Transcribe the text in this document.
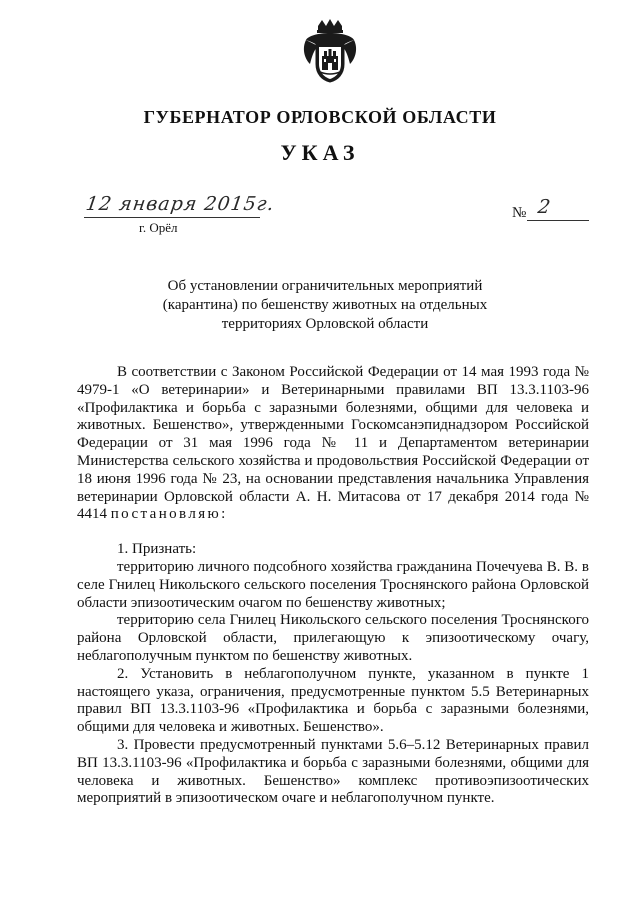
ГУБЕРНАТОР ОРЛОВСКОЙ ОБЛАСТИ
УКАЗ
12 января 2015г.
г. Орёл
№ 2
Об установлении ограничительных мероприятий
(карантина) по бешенству животных на отдельных
территориях Орловской области

В соответствии с Законом Российской Федерации от 14 мая 1993 года № 4979-1 «О ветеринарии» и Ветеринарными правилами ВП 13.3.1103-96 «Профилактика и борьба с заразными болезнями, общими для человека и животных. Бешенство», утвержденными Госкомсанэпиднадзором Российской Федерации от 31 мая 1996 года № 11 и Департаментом ветеринарии Министерства сельского хозяйства и продовольствия Российской Федерации от 18 июня 1996 года № 23, на основании представления начальника Управления ветеринарии Орловской области А. Н. Митасова от 17 декабря 2014 года № 4414 постановляю:

1. Признать:

территорию личного подсобного хозяйства гражданина Почечуева В. В. в селе Гнилец Никольского сельского поселения Троснянского района Орловской области эпизоотическим очагом по бешенству животных;

территорию села Гнилец Никольского сельского поселения Троснянского района Орловской области, прилегающую к эпизоотическому очагу, неблагополучным пунктом по бешенству животных.

2. Установить в неблагополучном пункте, указанном в пункте 1 настоящего указа, ограничения, предусмотренные пунктом 5.5 Ветеринарных правил ВП 13.3.1103-96 «Профилактика и борьба с заразными болезнями, общими для человека и животных. Бешенство».

3. Провести предусмотренный пунктами 5.6–5.12 Ветеринарных правил ВП 13.3.1103-96 «Профилактика и борьба с заразными болезнями, общими для человека и животных. Бешенство» комплекс противоэпизоотических мероприятий в эпизоотическом очаге и неблагополучном пункте.
